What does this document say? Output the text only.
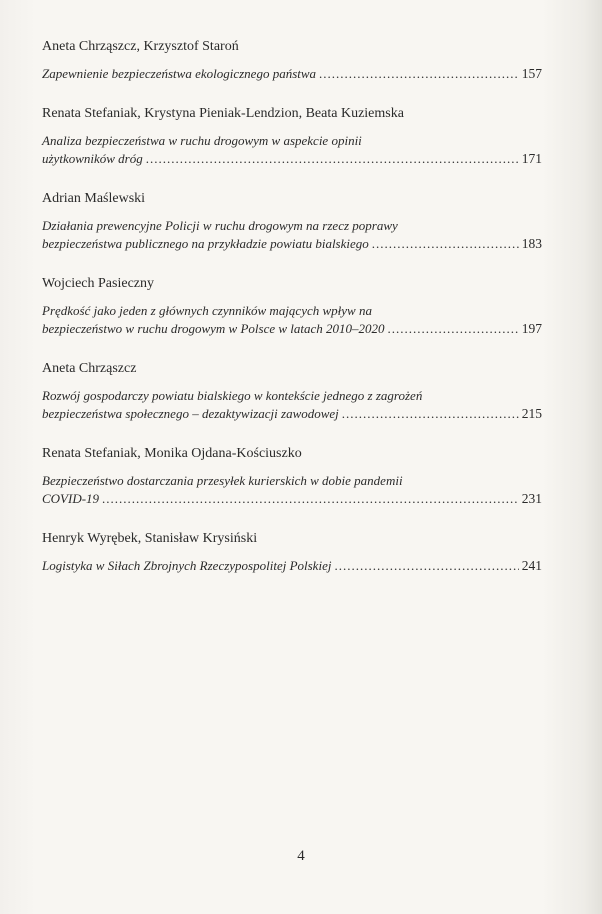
Aneta Chrząszcz, Krzysztof Staroń
Zapewnienie bezpieczeństwa ekologicznego państwa .....	157
Renata Stefaniak, Krystyna Pieniak-Lendzion, Beata Kuziemska
Analiza bezpieczeństwa w ruchu drogowym w aspekcie opinii
użytkowników dróg .....	171
Adrian Maślewski
Działania prewencyjne Policji w ruchu drogowym na rzecz poprawy
bezpieczeństwa publicznego na przykładzie powiatu bialskiego .....	183
Wojciech Pasieczny
Prędkość jako jeden z głównych czynników mających wpływ na
bezpieczeństwo w ruchu drogowym w Polsce w latach 2010–2020 .....	197
Aneta Chrząszcz
Rozwój gospodarczy powiatu bialskiego w kontekście jednego z zagrożeń
bezpieczeństwa społecznego – dezaktywizacji zawodowej .....	215
Renata Stefaniak, Monika Ojdana-Kościuszko
Bezpieczeństwo dostarczania przesyłek kurierskich w dobie pandemii
COVID-19 .....	231
Henryk Wyrębek, Stanisław Krysiński
Logistyka w Siłach Zbrojnych Rzeczypospolitej Polskiej .....	241
4
